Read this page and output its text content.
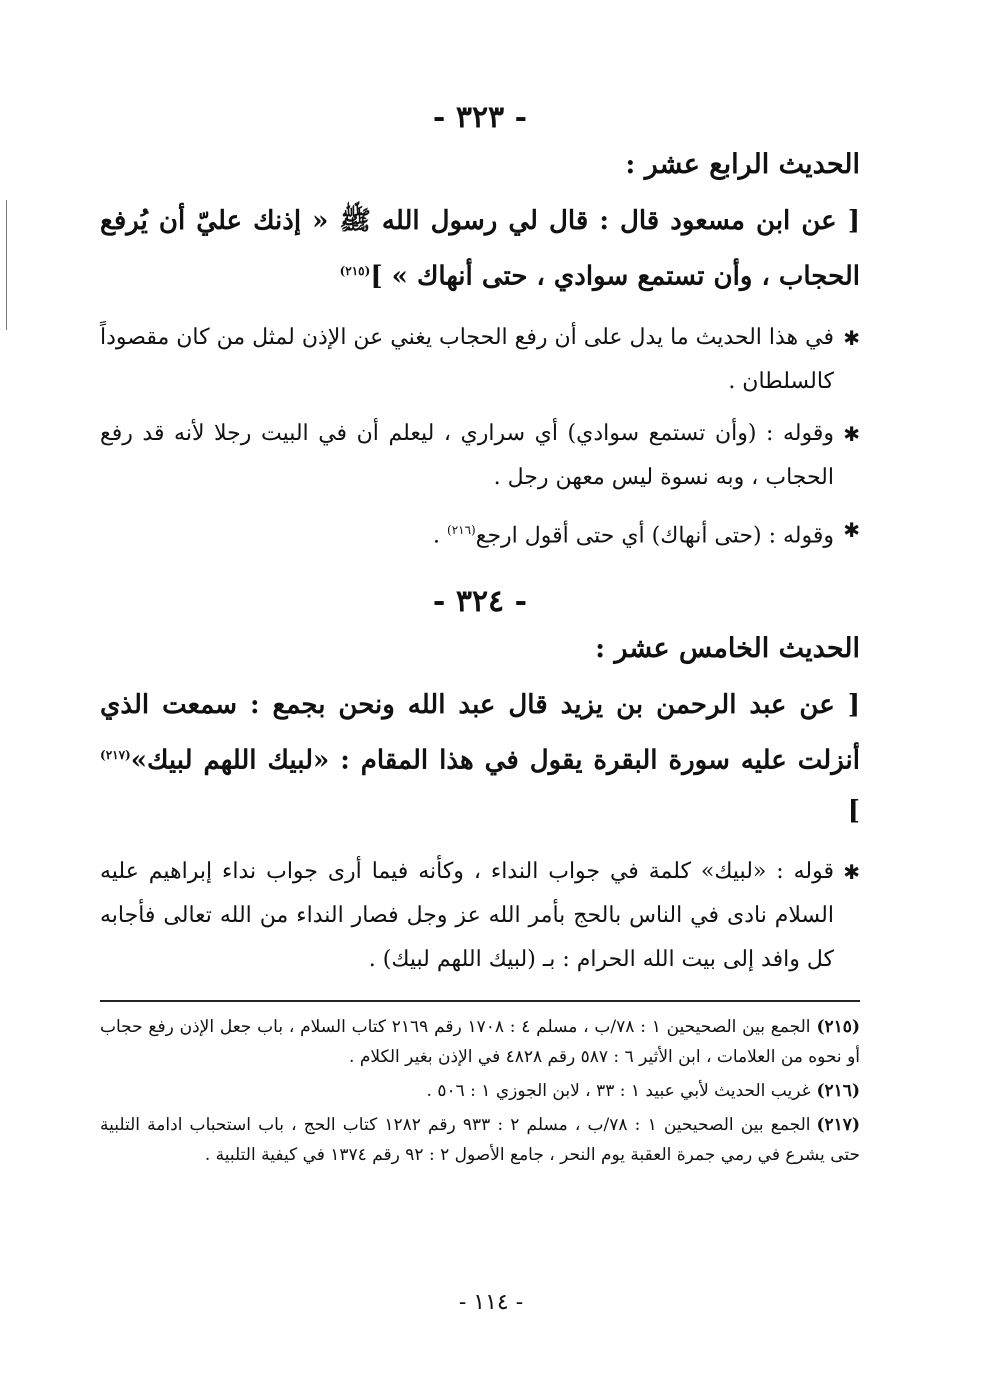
- ٣٢٣ -
الحديث الرابع عشر :

[ عن ابن مسعود قال : قال لي رسول الله ﷺ « إذنك عليّ أن يُرفع الحجاب ، وأن تستمع سوادي ، حتى أنهاك » ]$^{(٢١٥)}$

✱
في هذا الحديث ما يدل على أن رفع الحجاب يغني عن الإذن لمثل من كان مقصوداً كالسلطان .

✱
وقوله : (وأن تستمع سوادي) أي سراري ، ليعلم أن في البيت رجلا لأنه قد رفع الحجاب ، وبه نسوة ليس معهن رجل .

✱
وقوله : (حتى أنهاك) أي حتى أقول ارجع$^{(٢١٦)}$ .

- ٣٢٤ -
الحديث الخامس عشر :

[ عن عبد الرحمن بن يزيد قال عبد الله ونحن بجمع : سمعت الذي أنزلت عليه سورة البقرة يقول في هذا المقام : «لبيك اللهم لبيك»$^{(٢١٧)}$ ]

✱
قوله : «لبيك» كلمة في جواب النداء ، وكأنه فيما أرى جواب نداء إبراهيم عليه السلام نادى في الناس بالحج بأمر الله عز وجل فصار النداء من الله تعالى فأجابه كل وافد إلى بيت الله الحرام : بـ (لبيك اللهم لبيك) .

(٢١٥)الجمع بين الصحيحين ١ : ٧٨/ب ، مسلم ٤ : ١٧٠٨ رقم ٢١٦٩ كتاب السلام ، باب جعل الإذن رفع حجاب أو نحوه من العلامات ، ابن الأثير ٦ : ٥٨٧ رقم ٤٨٢٨ في الإذن بغير الكلام .

(٢١٦)غريب الحديث لأبي عبيد ١ : ٣٣ ، لابن الجوزي ١ : ٥٠٦ .

(٢١٧)الجمع بين الصحيحين ١ : ٧٨/ب ، مسلم ٢ : ٩٣٣ رقم ١٢٨٢ كتاب الحج ، باب استحباب ادامة التلبية حتى يشرع في رمي جمرة العقبة يوم النحر ، جامع الأصول ٢ : ٩٢ رقم ١٣٧٤ في كيفية التلبية .

- ١١٤ -
